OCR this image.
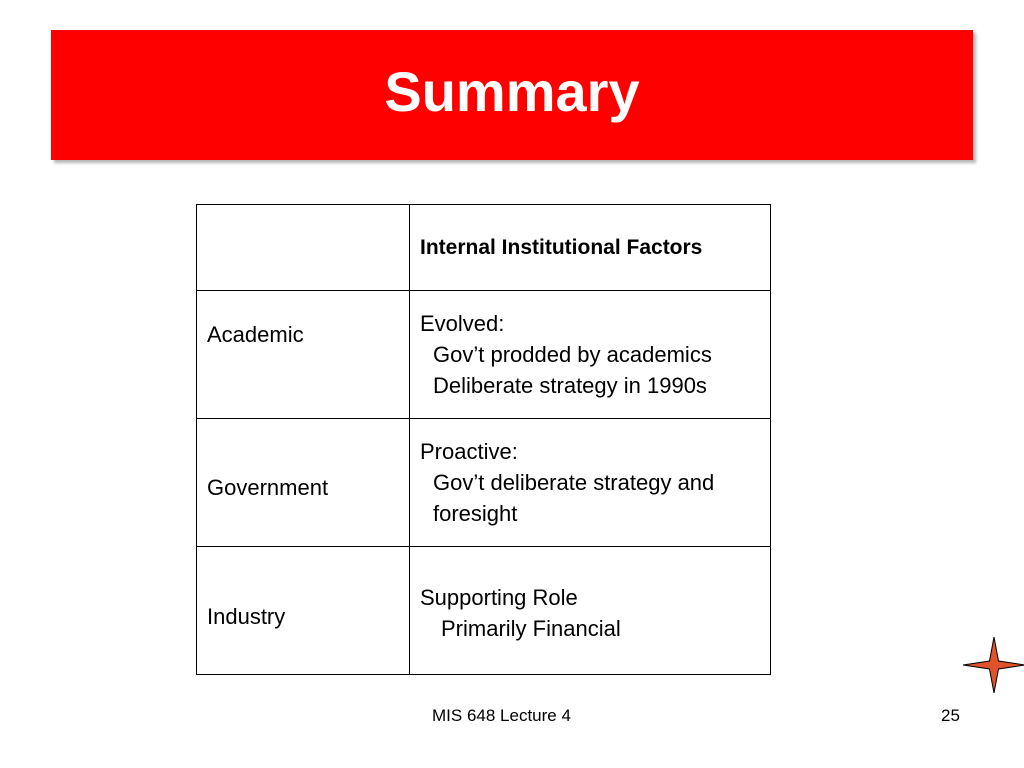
Summary
	Internal Institutional Factors

Academic	Evolved:
Gov’t prodded by academics
Deliberate strategy in 1990s

Government	Proactive:
Gov’t deliberate strategy and
foresight

Industry	Supporting Role
Primarily Financial
MIS 648 Lecture 4	25
